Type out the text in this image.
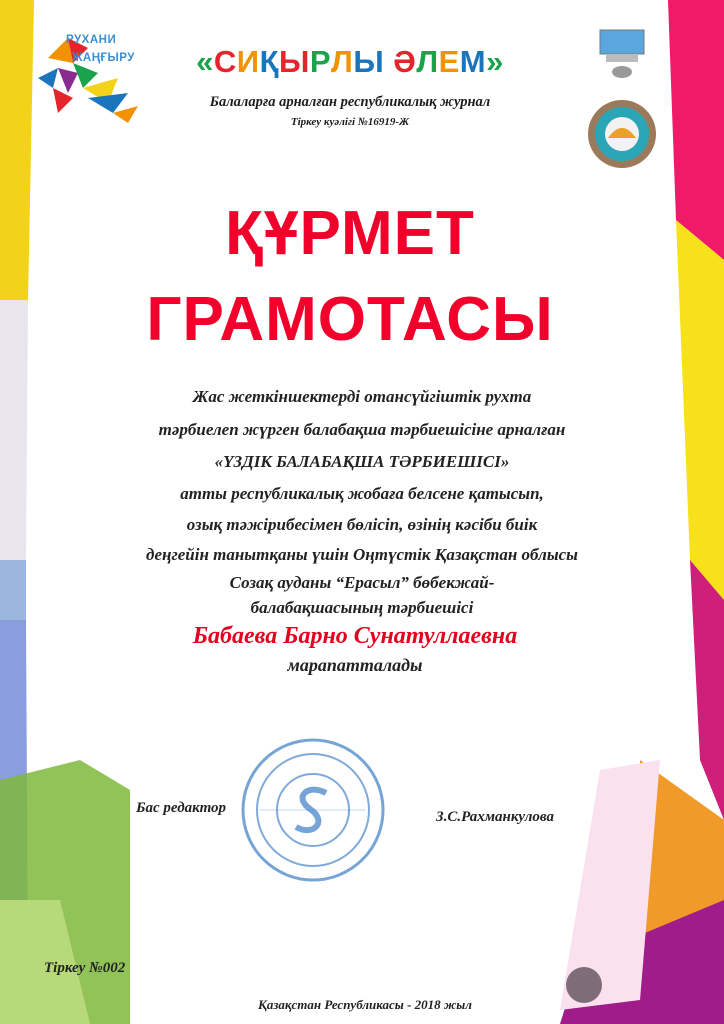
РУХАНИ
ЖАҢҒЫРУ	«СИҚЫРЛЫ ӘЛЕМ»
Балаларға арналған республикалық журнал
Тіркеу куәлігі №16919-Ж
ҚҰРМЕТ
ГРАМОТАСЫ
Жас жеткіншектерді отансүйгіштік рухта
тәрбиелеп жүрген балабақша тәрбиешісіне арналған
«ҮЗДІК БАЛАБАҚША ТӘРБИЕШІСІ»
атты республикалық жобаға белсене қатысып,
озық тәжірибесімен бөлісіп, өзінің кәсіби биік
деңгейін танытқаны үшін Оңтүстік Қазақстан облысы
Созақ ауданы “Ерасыл” бөбекжай-
балабақшасының тәрбиешісі
Бабаева Барно Сунатуллаевна
марапатталады
Бас редактор
З.С.Рахманкулова
Тіркеу №002
Қазақстан Республикасы - 2018 жыл
